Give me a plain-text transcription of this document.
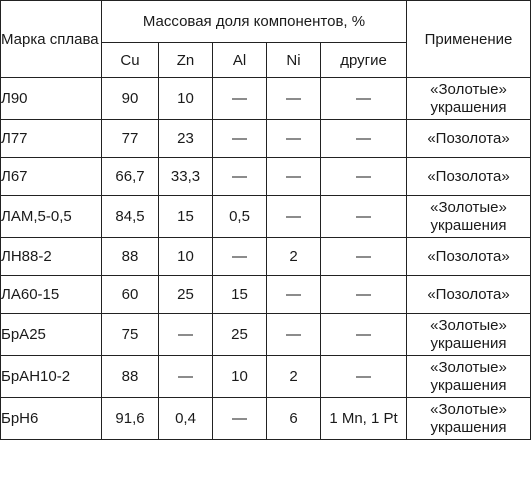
Марка сплава	Массовая доля компонентов, %					Применение
	Cu	Zn	Al	Ni	другие	
Л90	90	10	—	—	—	«Золотые» украшения
Л77	77	23	—	—	—	«Позолота»
Л67	66,7	33,3	—	—	—	«Позолота»
ЛАМ,5-0,5	84,5	15	0,5	—	—	«Золотые» украшения
ЛН88-2	88	10	—	2	—	«Позолота»
ЛА60-15	60	25	15	—	—	«Позолота»
БрА25	75	—	25	—	—	«Золотые» украшения
БрАН10-2	88	—	10	2	—	«Золотые» украшения
БрН6	91,6	0,4	—	6	1 Mn, 1 Pt	«Золотые» украшения
